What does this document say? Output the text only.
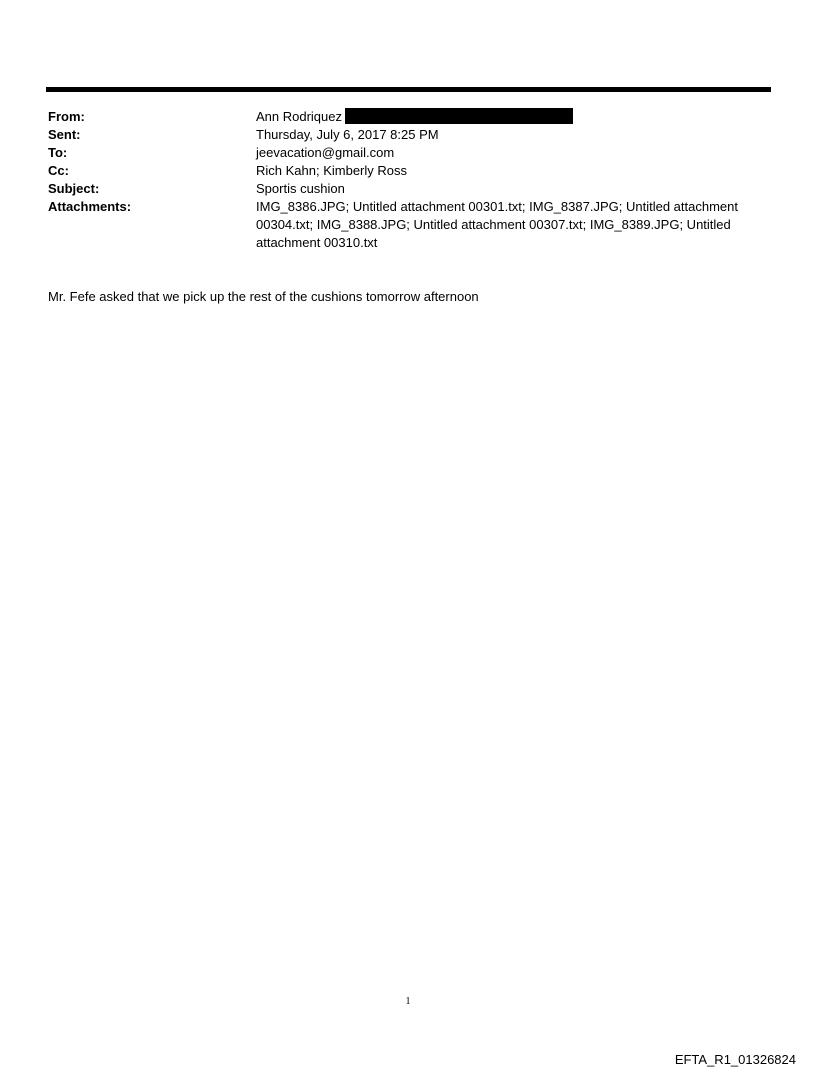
From:	Ann Rodriquez
Sent:	Thursday, July 6, 2017 8:25 PM
To:	jeevacation@gmail.com
Cc:	Rich Kahn; Kimberly Ross
Subject:	Sportis cushion
Attachments:	IMG_8386.JPG; Untitled attachment 00301.txt; IMG_8387.JPG; Untitled attachment 00304.txt; IMG_8388.JPG; Untitled attachment 00307.txt; IMG_8389.JPG; Untitled attachment 00310.txt
Mr. Fefe asked that we pick up the rest of the cushions tomorrow afternoon
1
EFTA_R1_01326824
